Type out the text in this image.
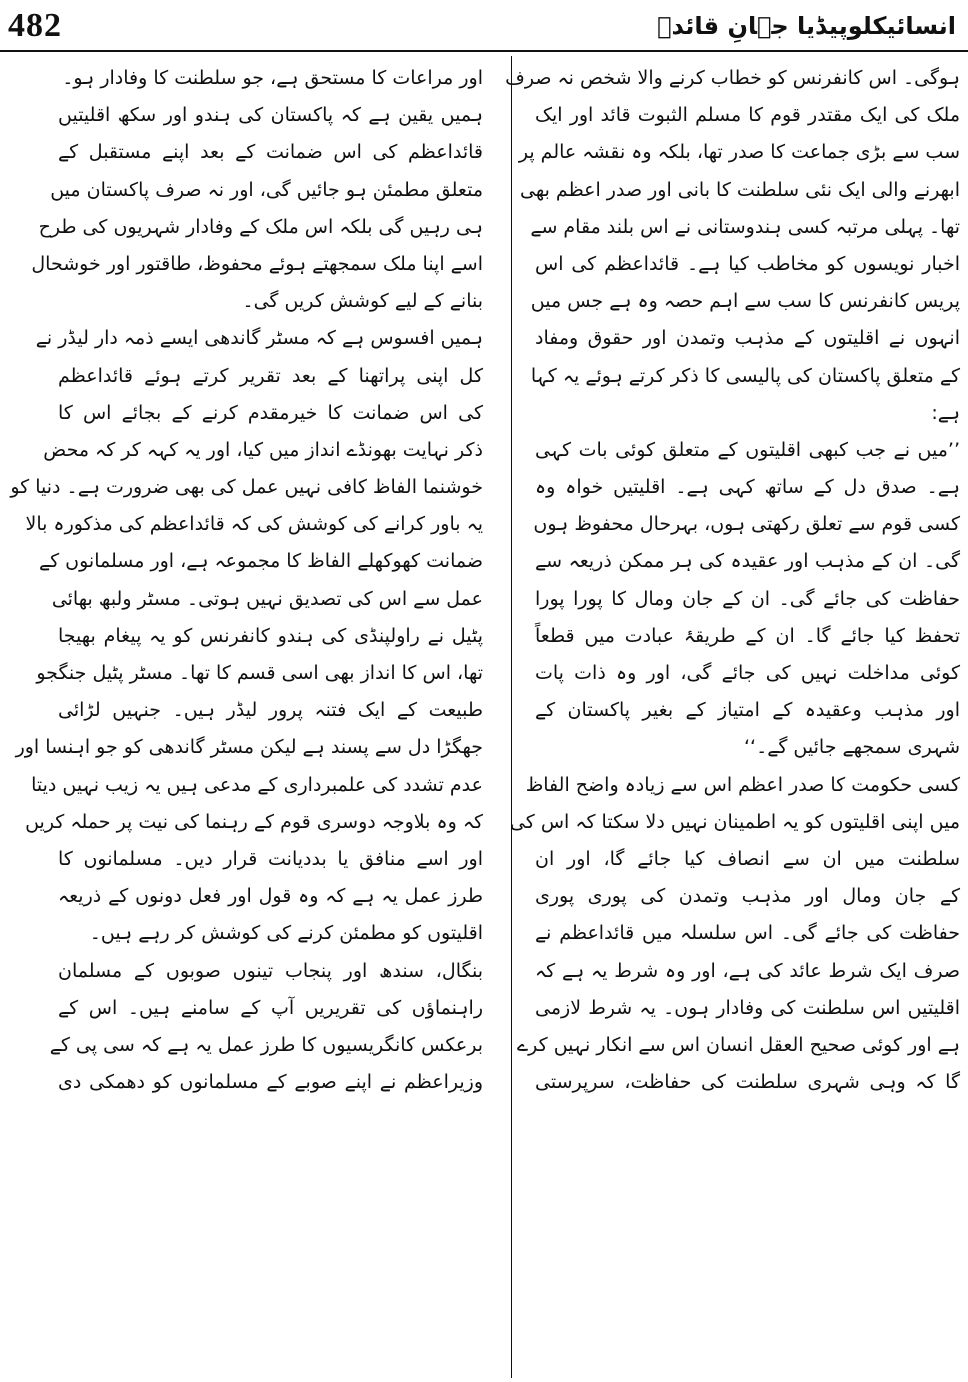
482	انسائیکلوپیڈیا جہانِ قائدؒ
ہوگی۔ اس کانفرنس کو خطاب کرنے والا شخص نہ صرف
ملک کی ایک مقتدر قوم کا مسلم الثبوت قائد اور ایک
سب سے بڑی جماعت کا صدر تھا، بلکہ وہ نقشہ عالم پر
ابھرنے والی ایک نئی سلطنت کا بانی اور صدر اعظم بھی
تھا۔ پہلی مرتبہ کسی ہندوستانی نے اس بلند مقام سے
اخبار نویسوں کو مخاطب کیا ہے۔ قائداعظم کی اس
پریس کانفرنس کا سب سے اہم حصہ وہ ہے جس میں
انہوں نے اقلیتوں کے مذہب وتمدن اور حقوق ومفاد
کے متعلق پاکستان کی پالیسی کا ذکر کرتے ہوئے یہ کہا
ہے:
’’میں نے جب کبھی اقلیتوں کے متعلق کوئی بات کہی
ہے۔ صدق دل کے ساتھ کہی ہے۔ اقلیتیں خواہ وہ
کسی قوم سے تعلق رکھتی ہوں، بہرحال محفوظ ہوں
گی۔ ان کے مذہب اور عقیدہ کی ہر ممکن ذریعہ سے
حفاظت کی جائے گی۔ ان کے جان ومال کا پورا پورا
تحفظ کیا جائے گا۔ ان کے طریقۂ عبادت میں قطعاً
کوئی مداخلت نہیں کی جائے گی، اور وہ ذات پات
اور مذہب وعقیدہ کے امتیاز کے بغیر پاکستان کے
شہری سمجھے جائیں گے۔‘‘
کسی حکومت کا صدر اعظم اس سے زیادہ واضح الفاظ
میں اپنی اقلیتوں کو یہ اطمینان نہیں دلا سکتا کہ اس کی
سلطنت میں ان سے انصاف کیا جائے گا، اور ان
کے جان ومال اور مذہب وتمدن کی پوری پوری
حفاظت کی جائے گی۔ اس سلسلہ میں قائداعظم نے
صرف ایک شرط عائد کی ہے، اور وہ شرط یہ ہے کہ
اقلیتیں اس سلطنت کی وفادار ہوں۔ یہ شرط لازمی
ہے اور کوئی صحیح العقل انسان اس سے انکار نہیں کرے
گا کہ وہی شہری سلطنت کی حفاظت، سرپرستی
اور مراعات کا مستحق ہے، جو سلطنت کا وفادار ہو۔
ہمیں یقین ہے کہ پاکستان کی ہندو اور سکھ اقلیتیں
قائداعظم کی اس ضمانت کے بعد اپنے مستقبل کے
متعلق مطمئن ہو جائیں گی، اور نہ صرف پاکستان میں
ہی رہیں گی بلکہ اس ملک کے وفادار شہریوں کی طرح
اسے اپنا ملک سمجھتے ہوئے محفوظ، طاقتور اور خوشحال
بنانے کے لیے کوشش کریں گی۔
ہمیں افسوس ہے کہ مسٹر گاندھی ایسے ذمہ دار لیڈر نے
کل اپنی پراتھنا کے بعد تقریر کرتے ہوئے قائداعظم
کی اس ضمانت کا خیرمقدم کرنے کے بجائے اس کا
ذکر نہایت بھونڈے انداز میں کیا، اور یہ کہہ کر کہ محض
خوشنما الفاظ کافی نہیں عمل کی بھی ضرورت ہے۔ دنیا کو
یہ باور کرانے کی کوشش کی کہ قائداعظم کی مذکورہ بالا
ضمانت کھوکھلے الفاظ کا مجموعہ ہے، اور مسلمانوں کے
عمل سے اس کی تصدیق نہیں ہوتی۔ مسٹر ولبھ بھائی
پٹیل نے راولپنڈی کی ہندو کانفرنس کو یہ پیغام بھیجا
تھا، اس کا انداز بھی اسی قسم کا تھا۔ مسٹر پٹیل جنگجو
طبیعت کے ایک فتنہ پرور لیڈر ہیں۔ جنہیں لڑائی
جھگڑا دل سے پسند ہے لیکن مسٹر گاندھی کو جو اہنسا اور
عدم تشدد کی علمبرداری کے مدعی ہیں یہ زیب نہیں دیتا
کہ وہ بلاوجہ دوسری قوم کے رہنما کی نیت پر حملہ کریں
اور اسے منافق یا بددیانت قرار دیں۔ مسلمانوں کا
طرز عمل یہ ہے کہ وہ قول اور فعل دونوں کے ذریعہ
اقلیتوں کو مطمئن کرنے کی کوشش کر رہے ہیں۔
بنگال، سندھ اور پنجاب تینوں صوبوں کے مسلمان
راہنماؤں کی تقریریں آپ کے سامنے ہیں۔ اس کے
برعکس کانگریسیوں کا طرز عمل یہ ہے کہ سی پی کے
وزیراعظم نے اپنے صوبے کے مسلمانوں کو دھمکی دی
